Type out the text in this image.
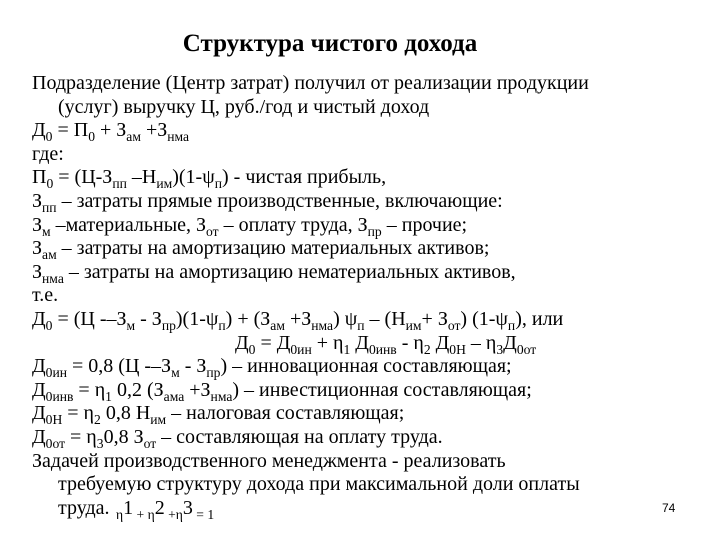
Структура чистого дохода
Подразделение (Центр затрат) получил от реализации продукции
(услуг) выручку Ц, руб./год и чистый доход
$Д_0 = П_0 + З_{ам} +З_{нма}$
где:
$П_0 = (Ц-З_{пп}$ $-Н_{им})(1-\psi_п)$ - чистая прибыль,
$З_{пп}$ – затраты прямые производственные, включающие:
$З_м$ –материальные, $З_{от}$ – оплату труда, $З_{пр}$ – прочие;
$З_{ам}$ – затраты на амортизацию материальных активов;
$З_{нма}$ – затраты на амортизацию нематериальных активов,
т.е.
$Д_0 = (Ц$ $--З_м - З_{пр})(1-\psi_п) + (З_{ам} +З_{нма})$ $\psi_п - (Н_{им}+ З_{от})$ $(1-\psi_п)$, или
$Д_0 = Д_{0ин} + \eta_1$ $Д_{0инв} - \eta_2$ $Д_{0Н} - \eta_3Д_{0от}$
$Д_{0ин} = 0,8$ (Ц $--З_м - З_{пр}$) – инновационная составляющая;
$Д_{0инв} = \eta_1$ 0,2 $(З_{ама} +З_{нма})$ – инвестиционная составляющая;
$Д_{0Н} = \eta_2$ 0,8 $Н_{им}$ – налоговая составляющая;
$Д_{0от} = \eta_30,8$ $З_{от}$ – составляющая на оплату труда.
Задачей производственного менеджмента - реализовать
требуемую структуру дохода при максимальной доли оплаты
труда. $_\eta$1 $_{+ \eta}$2 $_{+\eta}$3 $_{= 1}$	74
